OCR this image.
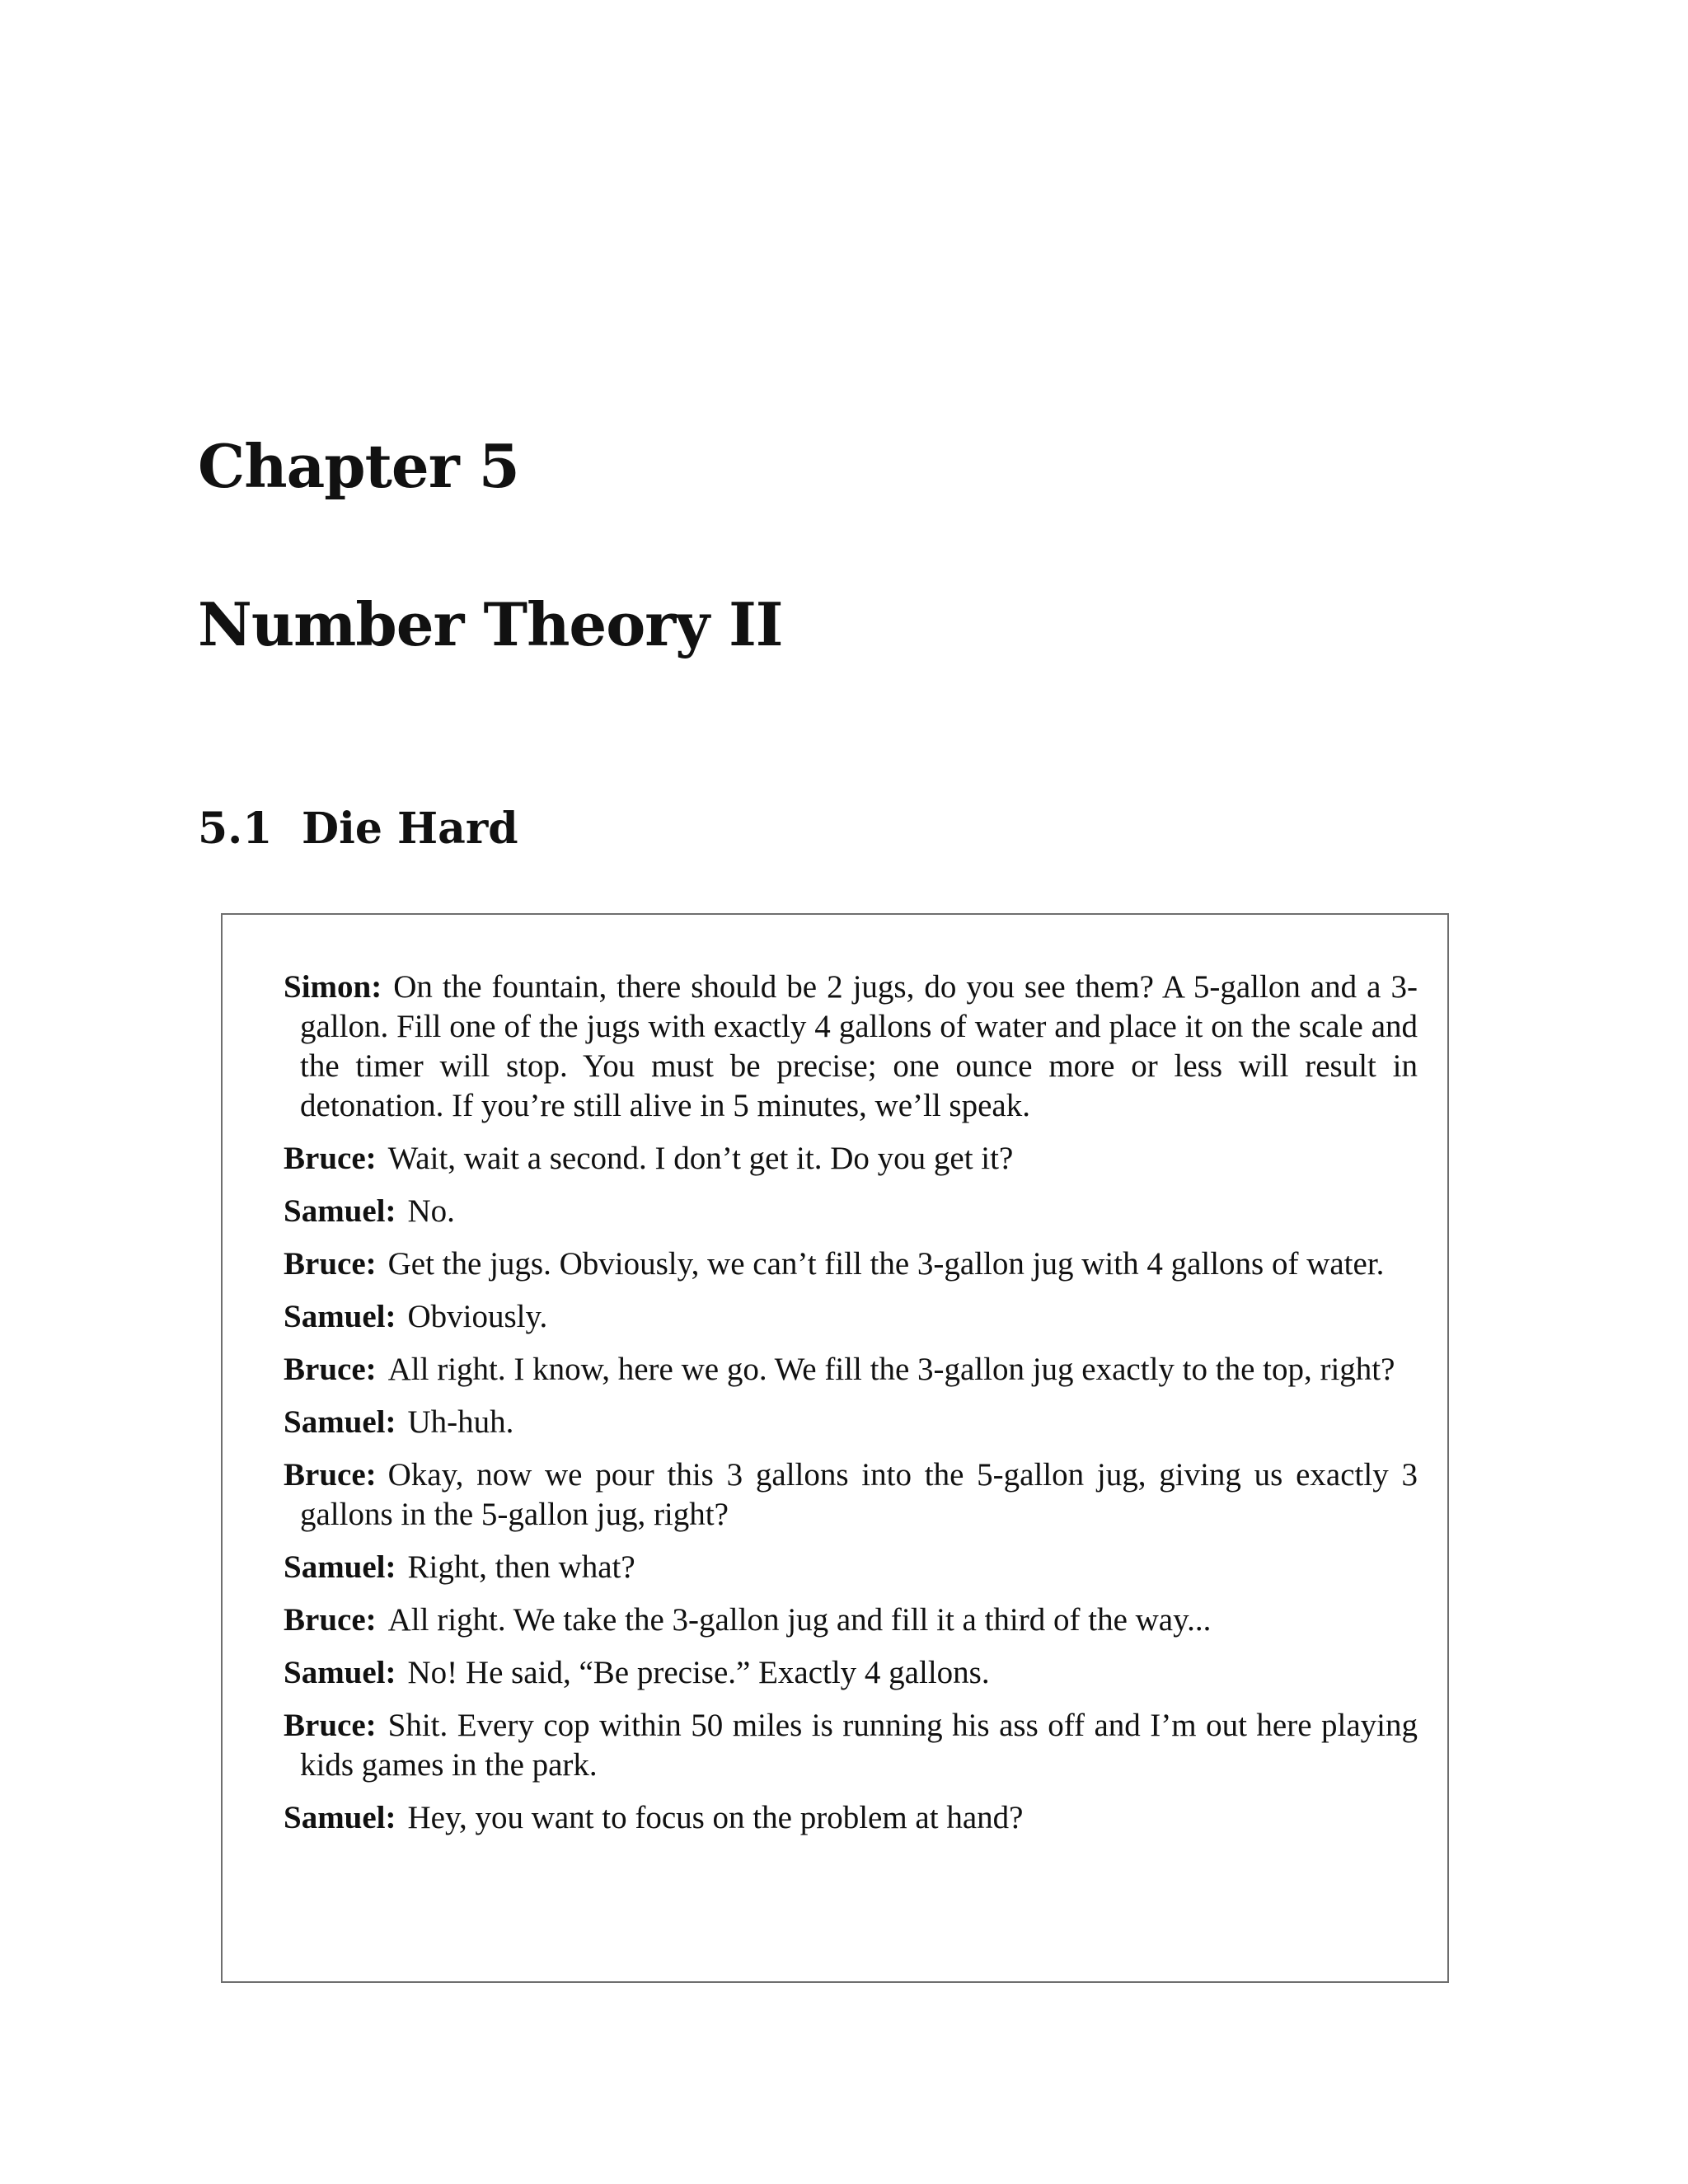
Chapter 5
Number Theory II
5.1 Die Hard

Simon: On the fountain, there should be 2 jugs, do you see them? A 5-gallon and a 3-gallon. Fill one of the jugs with exactly 4 gallons of water and place it on the scale and the timer will stop. You must be precise; one ounce more or less will result in detonation. If you’re still alive in 5 minutes, we’ll speak.

Bruce: Wait, wait a second. I don’t get it. Do you get it?

Samuel: No.

Bruce: Get the jugs. Obviously, we can’t fill the 3-gallon jug with 4 gallons of water.

Samuel: Obviously.

Bruce: All right. I know, here we go. We fill the 3-gallon jug exactly to the top, right?

Samuel: Uh-huh.

Bruce: Okay, now we pour this 3 gallons into the 5-gallon jug, giving us exactly 3 gallons in the 5-gallon jug, right?

Samuel: Right, then what?

Bruce: All right. We take the 3-gallon jug and fill it a third of the way...

Samuel: No! He said, “Be precise.” Exactly 4 gallons.

Bruce: Shit. Every cop within 50 miles is running his ass off and I’m out here playing kids games in the park.

Samuel: Hey, you want to focus on the problem at hand?
